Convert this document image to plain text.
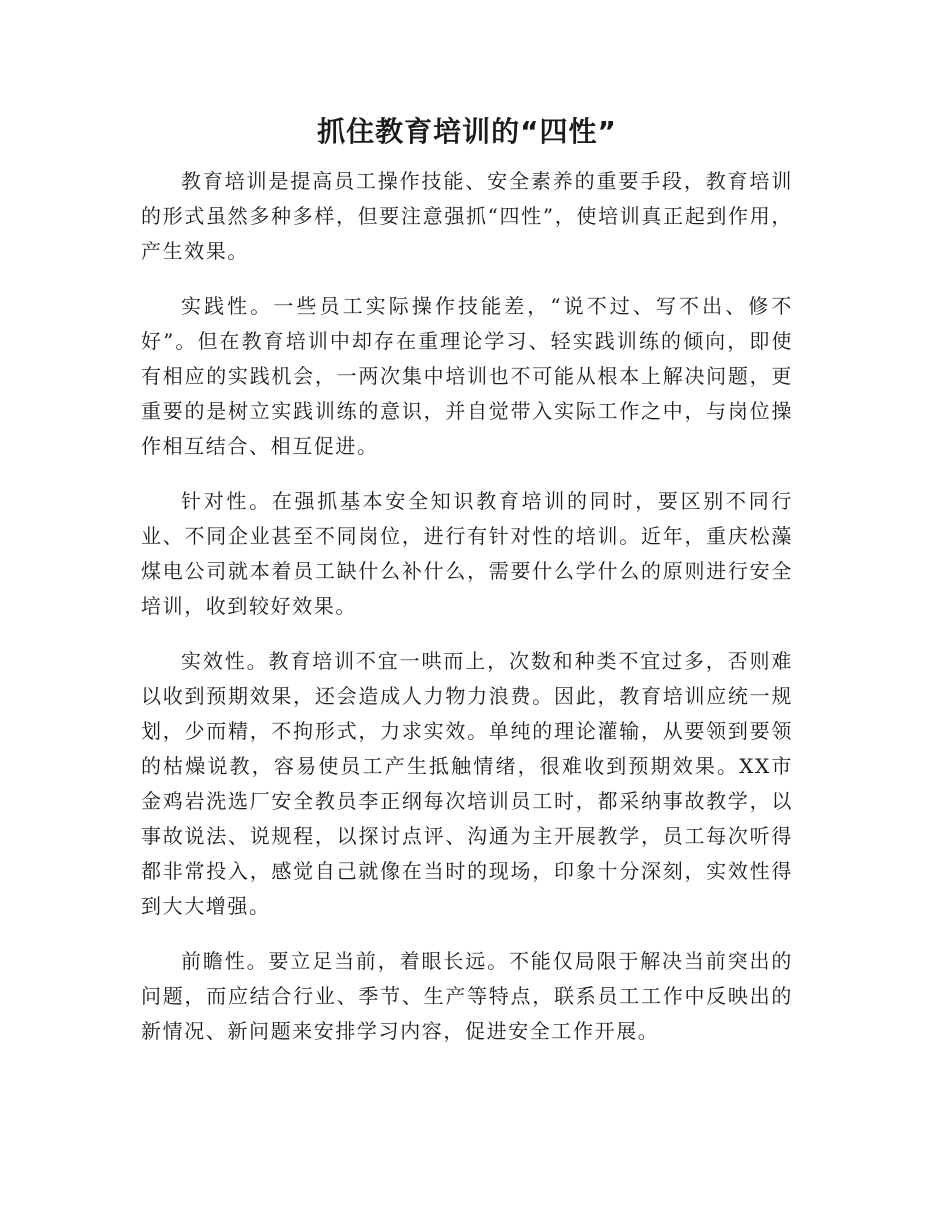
抓住教育培训的“四性”

教育培训是提高员工操作技能、安全素养的重要手段，教育培训的形式虽然多种多样，但要注意强抓“四性”，使培训真正起到作用，产生效果。

实践性。一些员工实际操作技能差，“说不过、写不出、修不好”。但在教育培训中却存在重理论学习、轻实践训练的倾向，即使有相应的实践机会，一两次集中培训也不可能从根本上解决问题，更重要的是树立实践训练的意识，并自觉带入实际工作之中，与岗位操作相互结合、相互促进。

针对性。在强抓基本安全知识教育培训的同时，要区别不同行业、不同企业甚至不同岗位，进行有针对性的培训。近年，重庆松藻煤电公司就本着员工缺什么补什么，需要什么学什么的原则进行安全培训，收到较好效果。

实效性。教育培训不宜一哄而上，次数和种类不宜过多，否则难以收到预期效果，还会造成人力物力浪费。因此，教育培训应统一规划，少而精，不拘形式，力求实效。单纯的理论灌输，从要领到要领的枯燥说教，容易使员工产生抵触情绪，很难收到预期效果。XX市金鸡岩洗选厂安全教员李正纲每次培训员工时，都采纳事故教学，以事故说法、说规程，以探讨点评、沟通为主开展教学，员工每次听得都非常投入，感觉自己就像在当时的现场，印象十分深刻，实效性得到大大增强。

前瞻性。要立足当前，着眼长远。不能仅局限于解决当前突出的问题，而应结合行业、季节、生产等特点，联系员工工作中反映出的新情况、新问题来安排学习内容，促进安全工作开展。
